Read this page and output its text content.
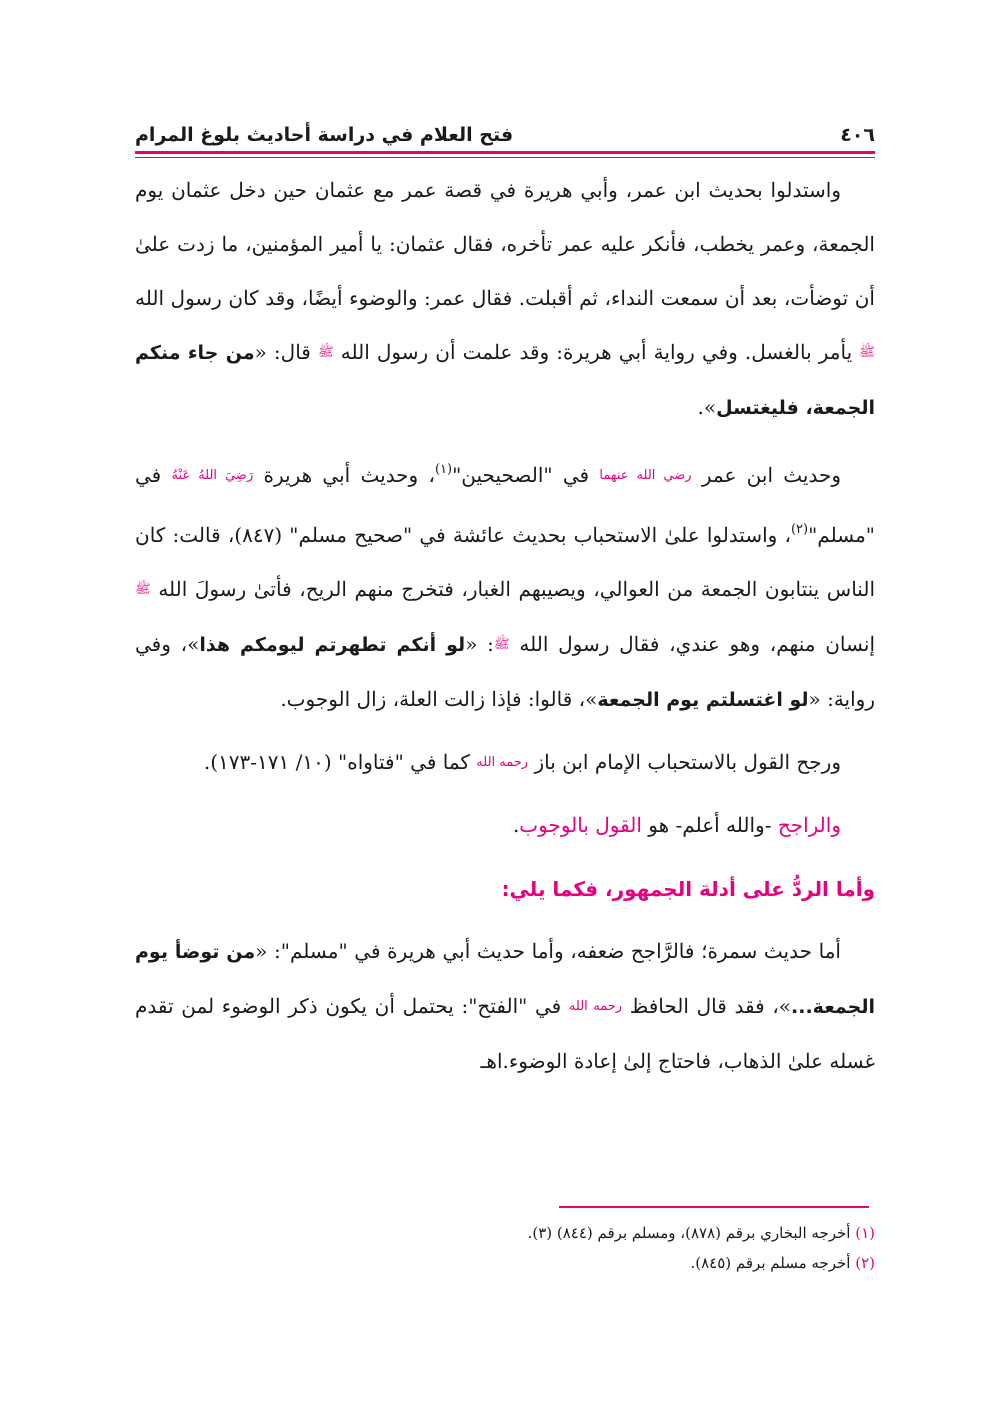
٤٠٦
فتح العلام في دراسة أحاديث بلوغ المرام

واستدلوا بحديث ابن عمر، وأبي هريرة في قصة عمر مع عثمان حين دخل عثمان يوم الجمعة، وعمر يخطب، فأنكر عليه عمر تأخره، فقال عثمان: يا أمير المؤمنين، ما زدت علىٰ أن توضأت، بعد أن سمعت النداء، ثم أقبلت. فقال عمر: والوضوء أيضًا، وقد كان رسول الله ﷺ يأمر بالغسل. وفي رواية أبي هريرة: وقد علمت أن رسول الله ﷺ قال: «من جاء منكم الجمعة، فليغتسل».

وحديث ابن عمر رضي الله عنهما في "الصحيحين"$^{(١)}$، وحديث أبي هريرة رَضِيَ اللهُ عَنْهُ في "مسلم"$^{(٢)}$، واستدلوا علىٰ الاستحباب بحديث عائشة في "صحيح مسلم" (٨٤٧)، قالت: كان الناس ينتابون الجمعة من العوالي، ويصيبهم الغبار، فتخرج منهم الريح، فأتىٰ رسولَ الله ﷺ إنسان منهم، وهو عندي، فقال رسول الله ﷺ: «لو أنكم تطهرتم ليومكم هذا»، وفي رواية: «لو اغتسلتم يوم الجمعة»، قالوا: فإذا زالت العلة، زال الوجوب.

ورجح القول بالاستحباب الإمام ابن باز رحمه الله كما في "فتاواه" (١٠/ ١٧١-١٧٣).

والراجح -والله أعلم- هو القول بالوجوب.

وأما الردُّ على أدلة الجمهور، فكما يلي:

أما حديث سمرة؛ فالرَّاجح ضعفه، وأما حديث أبي هريرة في "مسلم": «من توضأ يوم الجمعة...»، فقد قال الحافظ رحمه الله في "الفتح": يحتمل أن يكون ذكر الوضوء لمن تقدم غسله علىٰ الذهاب، فاحتاج إلىٰ إعادة الوضوء.اهـ

(١) أخرجه البخاري برقم (٨٧٨)، ومسلم برقم (٨٤٤) (٣).
(٢) أخرجه مسلم برقم (٨٤٥).
